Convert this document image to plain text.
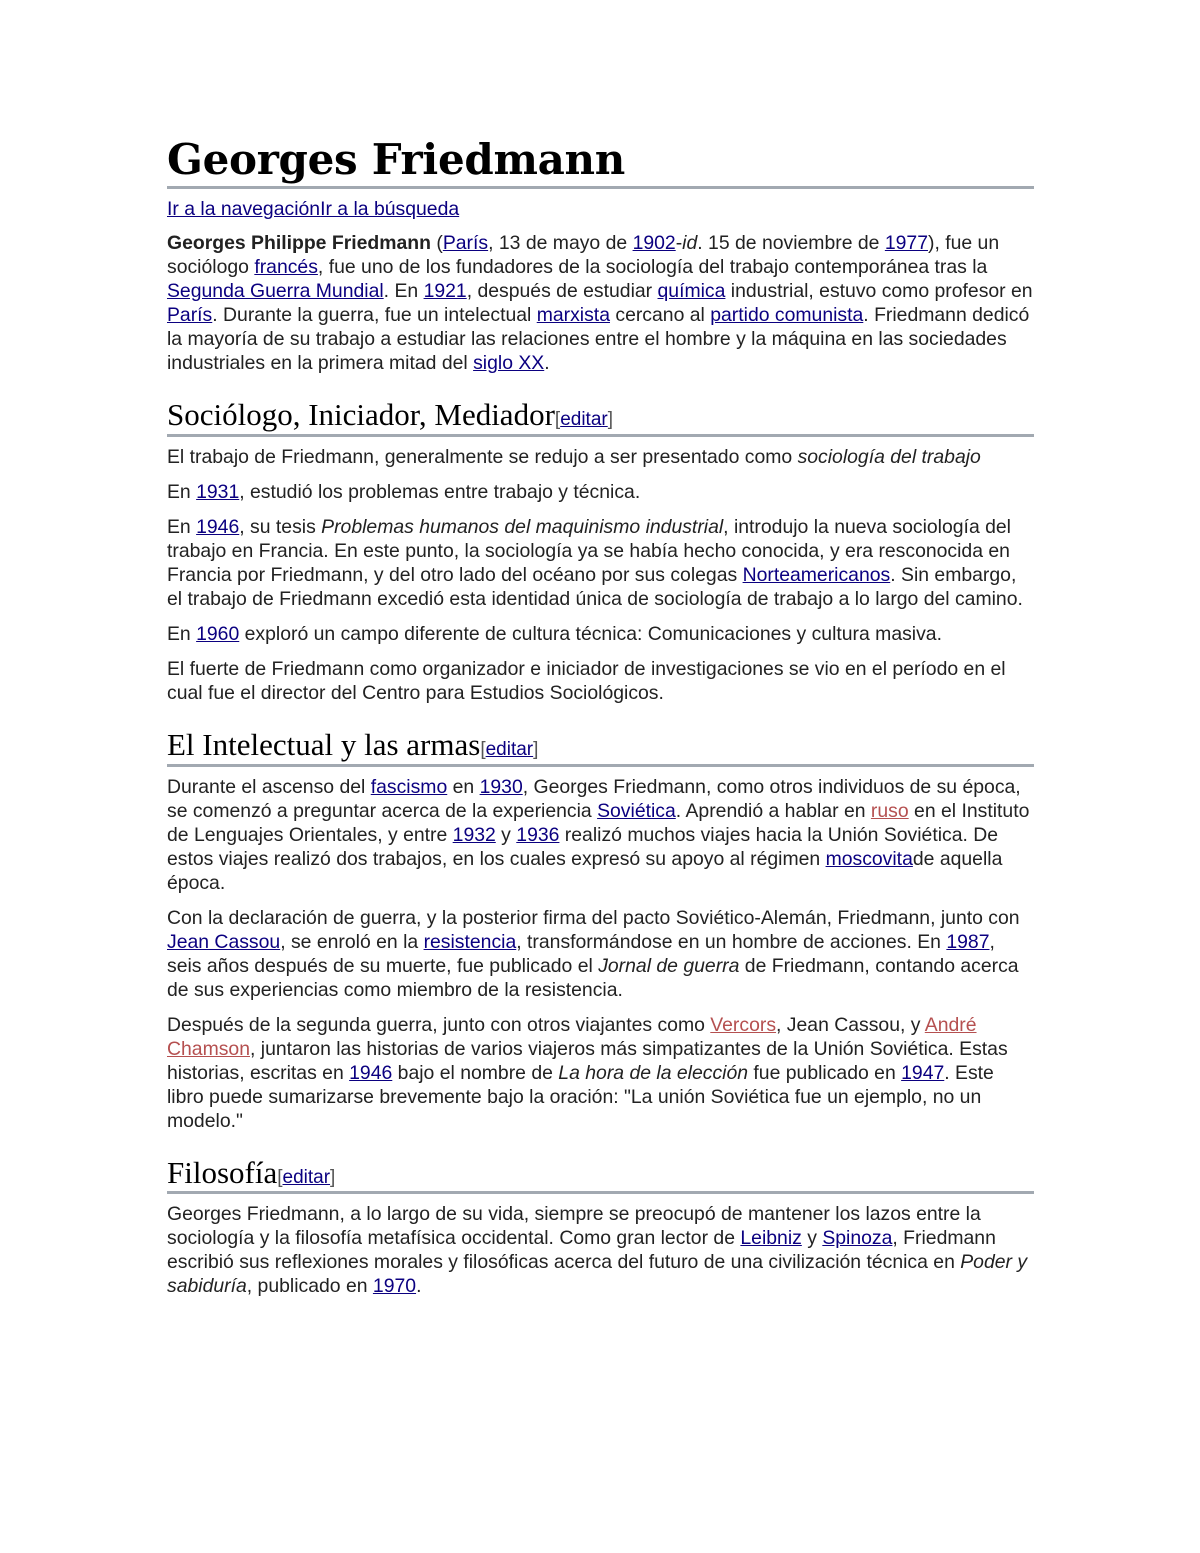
Georges Friedmann
Ir a la navegaciónIr a la búsqueda

Georges Philippe Friedmann (París, 13 de mayo de 1902-id. 15 de noviembre de 1977), fue un sociólogo francés, fue uno de los fundadores de la sociología del trabajo contemporánea tras la Segunda Guerra Mundial. En 1921, después de estudiar química industrial, estuvo como profesor en París. Durante la guerra, fue un intelectual marxista cercano al partido comunista. Friedmann dedicó la mayoría de su trabajo a estudiar las relaciones entre el hombre y la máquina en las sociedades industriales en la primera mitad del siglo XX.

Sociólogo, Iniciador, Mediador[editar]

El trabajo de Friedmann, generalmente se redujo a ser presentado como sociología del trabajo

En 1931, estudió los problemas entre trabajo y técnica.

En 1946, su tesis Problemas humanos del maquinismo industrial, introdujo la nueva sociología del trabajo en Francia. En este punto, la sociología ya se había hecho conocida, y era resconocida en Francia por Friedmann, y del otro lado del océano por sus colegas Norteamericanos. Sin embargo, el trabajo de Friedmann excedió esta identidad única de sociología de trabajo a lo largo del camino.

En 1960 exploró un campo diferente de cultura técnica: Comunicaciones y cultura masiva.

El fuerte de Friedmann como organizador e iniciador de investigaciones se vio en el período en el cual fue el director del Centro para Estudios Sociológicos.

El Intelectual y las armas[editar]

Durante el ascenso del fascismo en 1930, Georges Friedmann, como otros individuos de su época, se comenzó a preguntar acerca de la experiencia Soviética. Aprendió a hablar en ruso en el Instituto de Lenguajes Orientales, y entre 1932 y 1936 realizó muchos viajes hacia la Unión Soviética. De estos viajes realizó dos trabajos, en los cuales expresó su apoyo al régimen moscovitade aquella época.

Con la declaración de guerra, y la posterior firma del pacto Soviético-Alemán, Friedmann, junto con Jean Cassou, se enroló en la resistencia, transformándose en un hombre de acciones. En 1987, seis años después de su muerte, fue publicado el Jornal de guerra de Friedmann, contando acerca de sus experiencias como miembro de la resistencia.

Después de la segunda guerra, junto con otros viajantes como Vercors, Jean Cassou, y André Chamson, juntaron las historias de varios viajeros más simpatizantes de la Unión Soviética. Estas historias, escritas en 1946 bajo el nombre de La hora de la elección fue publicado en 1947. Este libro puede sumarizarse brevemente bajo la oración: "La unión Soviética fue un ejemplo, no un modelo."

Filosofía[editar]

Georges Friedmann, a lo largo de su vida, siempre se preocupó de mantener los lazos entre la sociología y la filosofía metafísica occidental. Como gran lector de Leibniz y Spinoza, Friedmann escribió sus reflexiones morales y filosóficas acerca del futuro de una civilización técnica en Poder y sabiduría, publicado en 1970.
